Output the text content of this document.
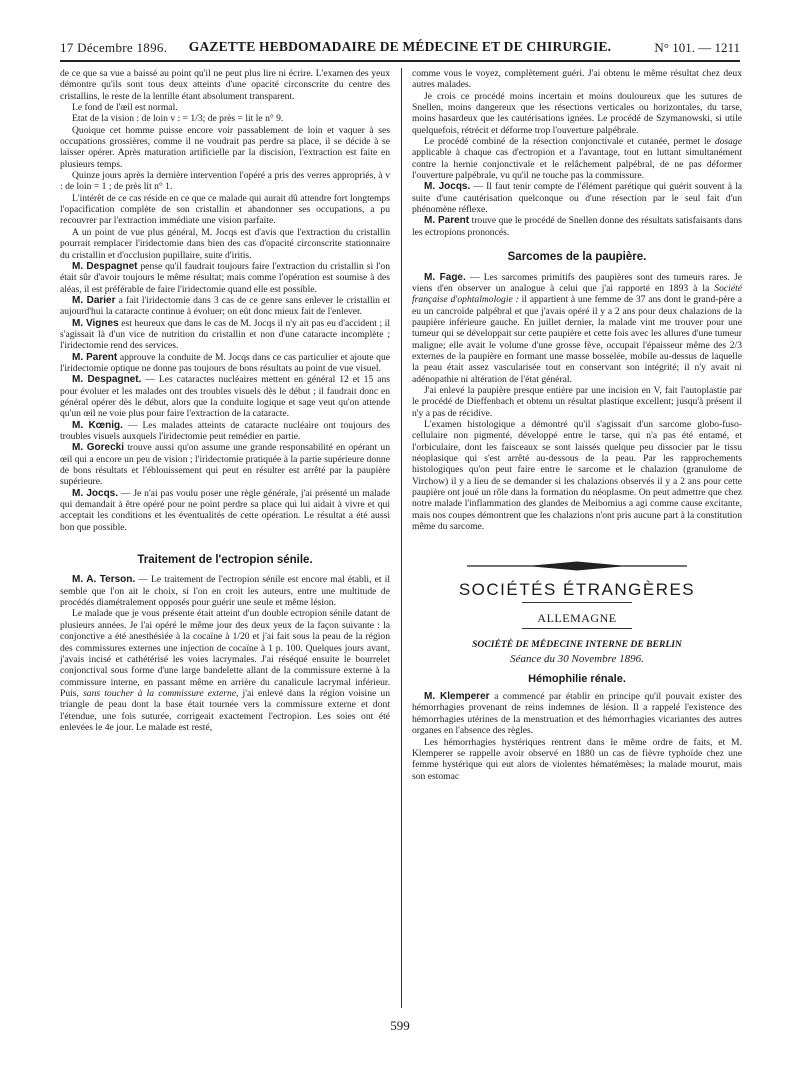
17 Décembre 1896.	GAZETTE HEBDOMADAIRE DE MÉDECINE ET DE CHIRURGIE.	N° 101. — 1211

de ce que sa vue a baissé au point qu'il ne peut plus lire ni écrire. L'examen des yeux démontre qu'ils sont tous deux atteints d'une opacité circonscrite du centre des cristallins, le reste de la lentille étant absolument transparent.

Le fond de l'œil est normal.

Etat de la vision : de loin v : = 1/3; de près = lit le n° 9.

Quoique cet homme puisse encore voir passablement de loin et vaquer à ses occupations grossières, comme il ne voudrait pas perdre sa place, il se décide à se laisser opérer. Après maturation artificielle par la discision, l'extraction est faite en plusieurs temps.

Quinze jours après la dernière intervention l'opéré a pris des verres appropriés, à v : de loin = 1 ; de près lit n° 1.

L'intérêt de ce cas réside en ce que ce malade qui aurait dû attendre fort longtemps l'opacification complète de son cristallin et abandonner ses occupations, a pu recouvrer par l'extraction immédiate une vision parfaite.

A un point de vue plus général, M. Jocqs est d'avis que l'extraction du cristallin pourrait remplacer l'iridectomie dans bien des cas d'opacité circonscrite stationnaire du cristallin et d'occlusion pupillaire, suite d'iritis.

M. Despagnet pense qu'il faudrait toujours faire l'extraction du cristallin si l'on était sûr d'avoir toujours le même résultat; mais comme l'opération est soumise à des aléas, il est préférable de faire l'iridectomie quand elle est possible.

M. Darier a fait l'iridectomie dans 3 cas de ce genre sans enlever le cristallin et aujourd'hui la cataracte continue à évoluer; on eût donc mieux fait de l'enlever.

M. Vignes est heureux que dans le cas de M. Jocqs il n'y ait pas eu d'accident ; il s'agissait là d'un vice de nutrition du cristallin et non d'une cataracte incomplète ; l'iridectomie rend des services.

M. Parent approuve la conduite de M. Jocqs dans ce cas particulier et ajoute que l'iridectomie optique ne donne pas toujours de bons résultats au point de vue visuel.

M. Despagnet. — Les cataractes nucléaires mettent en général 12 et 15 ans pour évoluer et les malades ont des troubles visuels dès le début ; il faudrait donc en général opérer dès le début, alors que la conduite logique et sage veut qu'on attende qu'un œil ne voie plus pour faire l'extraction de la cataracte.

M. Kœnig. — Les malades atteints de cataracte nucléaire ont toujours des troubles visuels auxquels l'iridectomie peut remédier en partie.

M. Gorecki trouve aussi qu'on assume une grande responsabilité en opérant un œil qui a encore un peu de vision ; l'iridectomie pratiquée à la partie supérieure donne de bons résultats et l'éblouissement qui peut en résulter est arrêté par la paupière supérieure.

M. Jocqs. — Je n'ai pas voulu poser une règle générale, j'ai présenté un malade qui demandait à être opéré pour ne point perdre sa place qui lui aidait à vivre et qui acceptait les conditions et les éventualités de cette opération. Le résultat a été aussi bon que possible.

Traitement de l'ectropion sénile.

M. A. Terson. — Le traitement de l'ectropion sénile est encore mal établi, et il semble que l'on ait le choix, si l'on en croit les auteurs, entre une multitude de procédés diamétralement opposés pour guérir une seule et même lésion.

Le malade que je vous présente était atteint d'un double ectropion sénile datant de plusieurs années. Je l'ai opéré le même jour des deux yeux de la façon suivante : la conjonctive a été anesthésiée à la cocaïne à 1/20 et j'ai fait sous la peau de la région des commissures externes une injection de cocaïne à 1 p. 100. Quelques jours avant, j'avais incisé et cathétérisé les voies lacrymales. J'ai réséqué ensuite le bourrelet conjonctival sous forme d'une large bandelette allant de la commissure externe à la commissure interne, en passant même en arrière du canalicule lacrymal inférieur. Puis, sans toucher à la commissure externe, j'ai enlevé dans la région voisine un triangle de peau dont la base était tournée vers la commissure externe et dont l'étendue, une fois suturée, corrigeait exactement l'ectropion. Les soies ont été enlevées le 4e jour. Le malade est resté,

comme vous le voyez, complètement guéri. J'ai obtenu le même résultat chez deux autres malades.

Je crois ce procédé moins incertain et moins douloureux que les sutures de Snellen, moins dangereux que les résections verticales ou horizontales, du tarse, moins hasardeux que les cautérisations ignées. Le procédé de Szymanowski, si utile quelquefois, rétrécit et déforme trop l'ouverture palpébrale.

Le procédé combiné de la résection conjonctivale et cutanée, permet le dosage applicable à chaque cas d'ectropion et a l'avantage, tout en luttant simultanément contre la hernie conjonctivale et le relâchement palpébral, de ne pas déformer l'ouverture palpébrale, vu qu'il ne touche pas la commissure.

M. Jocqs. — Il faut tenir compte de l'élément parétique qui guérit souvent à la suite d'une cautérisation quelconque ou d'une résection par le seul fait d'un phénomène réflexe.

M. Parent trouve que le procédé de Snellen donne des résultats satisfaisants dans les ectropions prononcés.

Sarcomes de la paupière.

M. Fage. — Les sarcomes primitifs des paupières sont des tumeurs rares. Je viens d'en observer un analogue à celui que j'ai rapporté en 1893 à la Société française d'ophtalmologie : il appartient à une femme de 37 ans dont le grand-père a eu un cancroïde palpébral et que j'avais opéré il y a 2 ans pour deux chalazions de la paupière inférieure gauche. En juillet dernier, la malade vint me trouver pour une tumeur qui se développait sur cette paupière et cette fois avec les allures d'une tumeur maligne; elle avait le volume d'une grosse fève, occupait l'épaisseur même des 2/3 externes de la paupière en formant une masse bosselée, mobile au-dessus de laquelle la peau était assez vascularisée tout en conservant son intégrité; il n'y avait ni adénopathie ni altération de l'état général.

J'ai enlevé la paupière presque entière par une incision en V, fait l'autoplastie par le procédé de Dieffenbach et obtenu un résultat plastique excellent; jusqu'à présent il n'y a pas de récidive.

L'examen histologique a démontré qu'il s'agissait d'un sarcome globo-fuso-cellulaire non pigmenté, développé entre le tarse, qui n'a pas été entamé, et l'orbiculaire, dont les faisceaux se sont laissés quelque peu dissocier par le tissu néoplasique qui s'est arrêté au-dessous de la peau. Par les rapprochements histologiques qu'on peut faire entre le sarcome et le chalazion (granulome de Virchow) il y a lieu de se demander si les chalazions observés il y a 2 ans pour cette paupière ont joué un rôle dans la formation du néoplasme. On peut admettre que chez notre malade l'inflammation des glandes de Meibomius a agi comme cause excitante, mais nos coupes démontrent que les chalazions n'ont pris aucune part à la constitution même du sarcome.

SOCIÉTÉS ÉTRANGÈRES
ALLEMAGNE
SOCIÉTÉ DE MÉDECINE INTERNE DE BERLIN
Séance du 30 Novembre 1896.
Hémophilie rénale.

M. Klemperer a commencé par établir en principe qu'il pouvait exister des hémorrhagies provenant de reins indemnes de lésion. Il a rappelé l'existence des hémorrhagies utérines de la menstruation et des hémorrhagies vicariantes des autres organes en l'absence des règles.

Les hémorrhagies hystériques rentrent dans le même ordre de faits, et M. Klemperer se rappelle avoir observé en 1880 un cas de fièvre typhoïde chez une femme hystérique qui eut alors de violentes hématémèses; la malade mourut, mais son estomac

599
